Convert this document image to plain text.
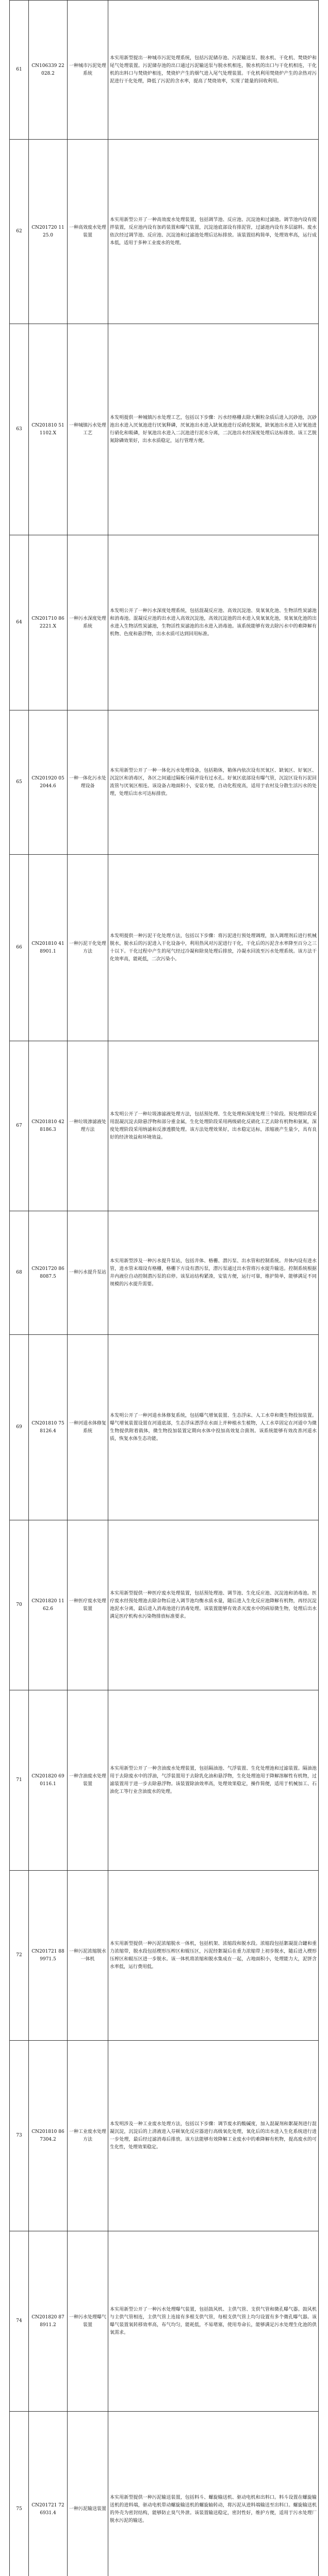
61	CN106339 22028.2	一种城市污泥处理系统	本实用新型提出一种城市污泥处理系统，包括污泥储存池、污泥输送泵、脱水机、干化机、焚烧炉和尾气处理装置。污泥储存池的出口通过污泥输送泵与脱水机相连，脱水机的出口与干化机相连，干化机的出料口与焚烧炉相连，焚烧炉产生的烟气进入尾气处理装置。干化机利用焚烧炉产生的余热对污泥进行干化处理，降低了污泥的含水率，提高了焚烧效率，实现了能量的回收利用。
62	CN201720 1125.0	一种高效废水处理装置	本实用新型公开了一种高效废水处理装置，包括调节池、反应池、沉淀池和过滤池。调节池内设有搅拌装置，反应池内设有加药装置和曝气装置，沉淀池底部设有排泥管，过滤池内设有多层滤料。废水依次经过调节池、反应池、沉淀池和过滤池处理后达标排放。该装置结构简单，处理效率高，运行成本低，适用于多种工业废水的处理。
63	CN201810 511102.X	一种城镇污水处理工艺	本发明提供一种城镇污水处理工艺，包括以下步骤：污水经格栅去除大颗粒杂质后进入沉砂池，沉砂池出水进入厌氧池进行厌氧释磷，厌氧池出水进入缺氧池进行反硝化脱氮，缺氧池出水进入好氧池进行硝化和吸磷，好氧池出水进入二沉池进行泥水分离，二沉池出水经深度处理后达标排放。该工艺脱氮除磷效果好，出水水质稳定，运行管理方便。
64	CN201710 862221.X	一种污水深度处理系统	本发明公开了一种污水深度处理系统，包括混凝反应池、高效沉淀池、臭氧氧化池、生物活性炭滤池和消毒池。混凝反应池的出水进入高效沉淀池，高效沉淀池的出水进入臭氧氧化池，臭氧氧化池的出水进入生物活性炭滤池，生物活性炭滤池的出水进入消毒池。该系统能够有效去除污水中的难降解有机物、色度和悬浮物，出水水质可达到回用标准。
65	CN201920 052044.6	一种一体化污水处理设备	本实用新型公开了一种一体化污水处理设备，包括箱体，箱体内依次设有厌氧区、缺氧区、好氧区、沉淀区和消毒区，各区之间通过隔板分隔并设有过水孔。好氧区底部设有曝气管，沉淀区设有污泥回流管与厌氧区相连。该设备占地面积小，安装方便，自动化程度高，适用于农村及分散生活污水的处理，处理后出水可达标排放。
66	CN201810 418901.1	一种污泥干化处理方法	本发明提供一种污泥干化处理方法，包括以下步骤：将污泥进行预处理调理，加入调理剂后进行机械脱水，脱水后的污泥进入干化设备中，利用热风对污泥进行干化，干化后的污泥含水率降至百分之三十以下。干化过程中产生的尾气经过冷凝和除臭处理后排放，冷凝水回流至污水处理系统。该方法干化效率高，能耗低，二次污染小。
67	CN201810 428186.3	一种垃圾渗滤液处理方法	本发明公开了一种垃圾渗滤液处理方法，包括预处理、生化处理和深度处理三个阶段。预处理阶段采用混凝沉淀去除悬浮物和部分重金属，生化处理阶段采用两级硝化反硝化工艺去除有机物和氨氮，深度处理阶段采用纳滤和反渗透膜处理。该方法处理效果好，出水稳定达标，浓缩液产生量少，具有良好的经济效益和环境效益。
68	CN201720 868087.5	一种污水提升泵站	本实用新型涉及一种污水提升泵站，包括井体、格栅、潜污泵、出水管和控制系统。井体内设有进水管，进水管末端设有格栅，格栅下方设有潜污泵，潜污泵通过出水管将污水提升输送。控制系统根据井内液位自动控制潜污泵的启停。该泵站结构紧凑，安装方便，运行可靠，维护简单，能够满足不同规模的污水提升需要。
69	CN201810 758126.4	一种河道水体修复系统	本发明公开了一种河道水体修复系统，包括曝气增氧装置、生态浮床、人工水草和微生物投加装置。曝气增氧装置设置在河道底部，生态浮床漂浮在水面上并种植水生植物，人工水草固定在河道中为微生物提供附着载体，微生物投加装置定期向水体中投加高效复合菌剂。该系统能够有效改善河道水质，恢复水体生态功能。
70	CN201820 1162.6	一种医疗废水处理装置	本实用新型提供一种医疗废水处理装置，包括预处理池、调节池、生化反应池、沉淀池和消毒池。医疗废水经预处理池去除杂物后进入调节池均衡水质水量，随后进入生化反应池降解有机物，再经沉淀池泥水分离，最后进入消毒池进行消毒处理。该装置能够有效杀灭废水中的病原微生物，处理后出水满足医疗机构水污染物排放标准要求。
71	CN201820 690116.1	一种含油废水处理装置	本实用新型公开了一种含油废水处理装置，包括隔油池、气浮装置、生化处理池和过滤装置。隔油池用于去除废水中的浮油，气浮装置用于去除乳化油和悬浮物，生化处理池用于降解溶解性有机物，过滤装置用于进一步去除悬浮物。该装置除油效率高，处理效果稳定，操作简便，适用于机械加工、石油化工等行业含油废水的处理。
72	CN201721 889971.5	一种污泥浓缩脱水一体机	本实用新型提供一种污泥浓缩脱水一体机，包括机架、浓缩段和脱水段。浓缩段包括絮凝混合罐和重力浓缩带，脱水段包括楔形压榨区和辊压区，污泥经絮凝后在重力浓缩带上初步脱水，随后进入楔形压榨区和辊压区进一步脱水。该一体机将浓缩和脱水集成在一起，占地面积小，处理能力大，泥饼含水率低，运行费用低。
73	CN201810 867304.2	一种工业废水处理方法	本发明涉及一种工业废水处理方法，包括以下步骤：调节废水的酸碱度，加入混凝剂和絮凝剂进行混凝沉淀，沉淀后的上清液进入芬顿氧化反应器进行高级氧化处理，氧化后的出水进入生化系统进行进一步处理，最后经过滤消毒后排放。该方法能够有效降解工业废水中的难降解有机物，提高废水的可生化性，处理效果稳定。
74	CN201820 878911.2	一种污水处理曝气装置	本实用新型公开了一种污水处理曝气装置，包括鼓风机、主供气管、支供气管和微孔曝气器。鼓风机与主供气管相连，主供气管上连接有多根支供气管，每根支供气管上均匀设置有多个微孔曝气器。该曝气装置氧转移效率高，布气均匀，能耗低，不易堵塞，使用寿命长，能够满足污水处理生化池的供氧需求。
75	CN201721 726931.4	一种污泥输送装置	本实用新型提供一种污泥输送装置，包括料斗、螺旋输送机、驱动电机和出料口。料斗设置在螺旋输送机的进料端，驱动电机带动螺旋输送机的螺旋轴转动，将污泥从进料端输送至出料口。螺旋输送机的外壳为密封结构，能够防止臭气外泄。该装置输送稳定，密封性好，维护方便，适用于污水处理厂脱水污泥的输送。
